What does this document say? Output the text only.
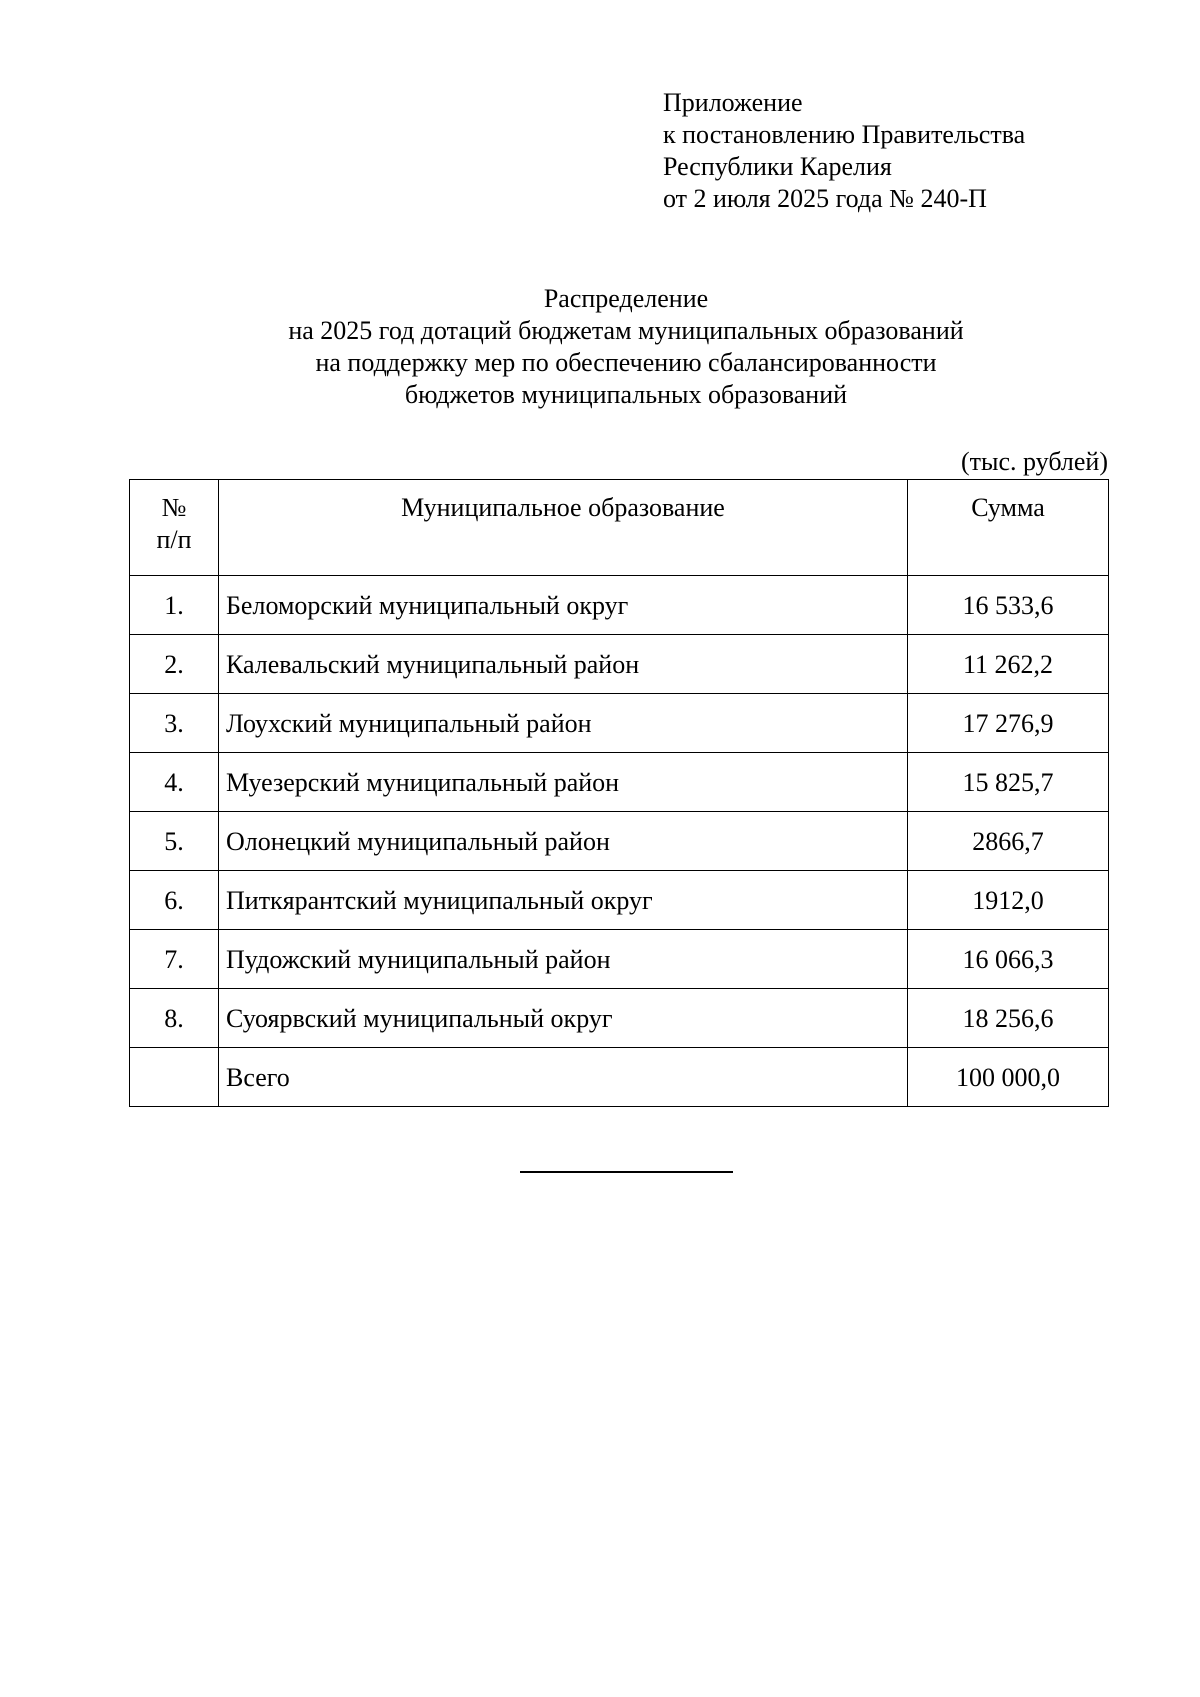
Приложение
к постановлению Правительства
Республики Карелия
от 2 июля 2025 года № 240-П
Распределение
на 2025 год дотаций бюджетам муниципальных образований
на поддержку мер по обеспечению сбалансированности
бюджетов муниципальных образований
(тыс. рублей)
№
п/п	Муниципальное образование	Сумма
1.	Беломорский муниципальный округ	16 533,6
2.	Калевальский муниципальный район	11 262,2
3.	Лоухский муниципальный район	17 276,9
4.	Муезерский муниципальный район	15 825,7
5.	Олонецкий муниципальный район	2866,7
6.	Питкярантский муниципальный округ	1912,0
7.	Пудожский муниципальный район	16 066,3
8.	Суоярвский муниципальный округ	18 256,6
	Всего	100 000,0
